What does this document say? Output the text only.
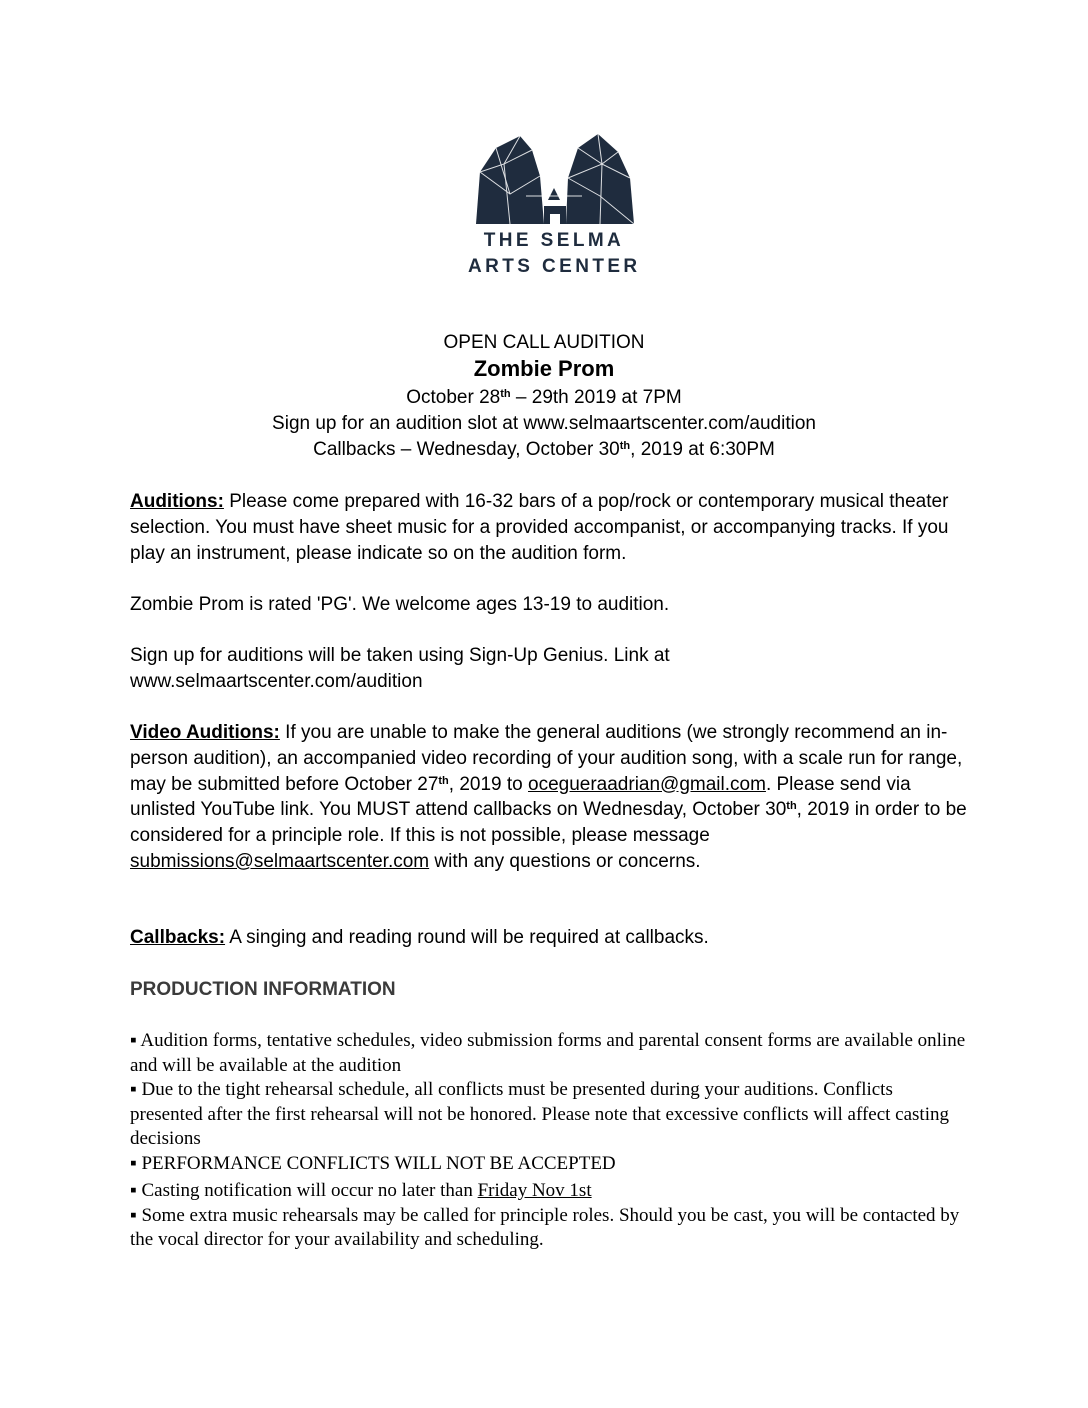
THE SELMA
ARTS CENTER
OPEN CALL AUDITION
Zombie Prom
October 28th – 29th 2019 at 7PM
Sign up for an audition slot at www.selmaartscenter.com/audition
Callbacks – Wednesday, October 30th, 2019 at 6:30PM
Auditions: Please come prepared with 16-32 bars of a pop/rock or contemporary musical theater selection. You must have sheet music for a provided accompanist, or accompanying tracks. If you play an instrument, please indicate so on the audition form.
Zombie Prom is rated 'PG'. We welcome ages 13-19 to audition.
Sign up for auditions will be taken using Sign-Up Genius. Link at
www.selmaartscenter.com/audition
Video Auditions: If you are unable to make the general auditions (we strongly recommend an in-person audition), an accompanied video recording of your audition song, with a scale run for range, may be submitted before October 27th, 2019 to ocegueraadrian@gmail.com. Please send via unlisted YouTube link. You MUST attend callbacks on Wednesday, October 30th, 2019 in order to be considered for a principle role. If this is not possible, please message submissions@selmaartscenter.com with any questions or concerns.
Callbacks: A singing and reading round will be required at callbacks.
PRODUCTION INFORMATION

▪ Audition forms, tentative schedules, video submission forms and parental consent forms are available online and will be available at the audition

▪ Due to the tight rehearsal schedule, all conflicts must be presented during your auditions. Conflicts presented after the first rehearsal will not be honored. Please note that excessive conflicts will affect casting decisions

▪ PERFORMANCE CONFLICTS WILL NOT BE ACCEPTED

▪ Casting notification will occur no later than Friday Nov 1st

▪ Some extra music rehearsals may be called for principle roles. Should you be cast, you will be contacted by the vocal director for your availability and scheduling.
